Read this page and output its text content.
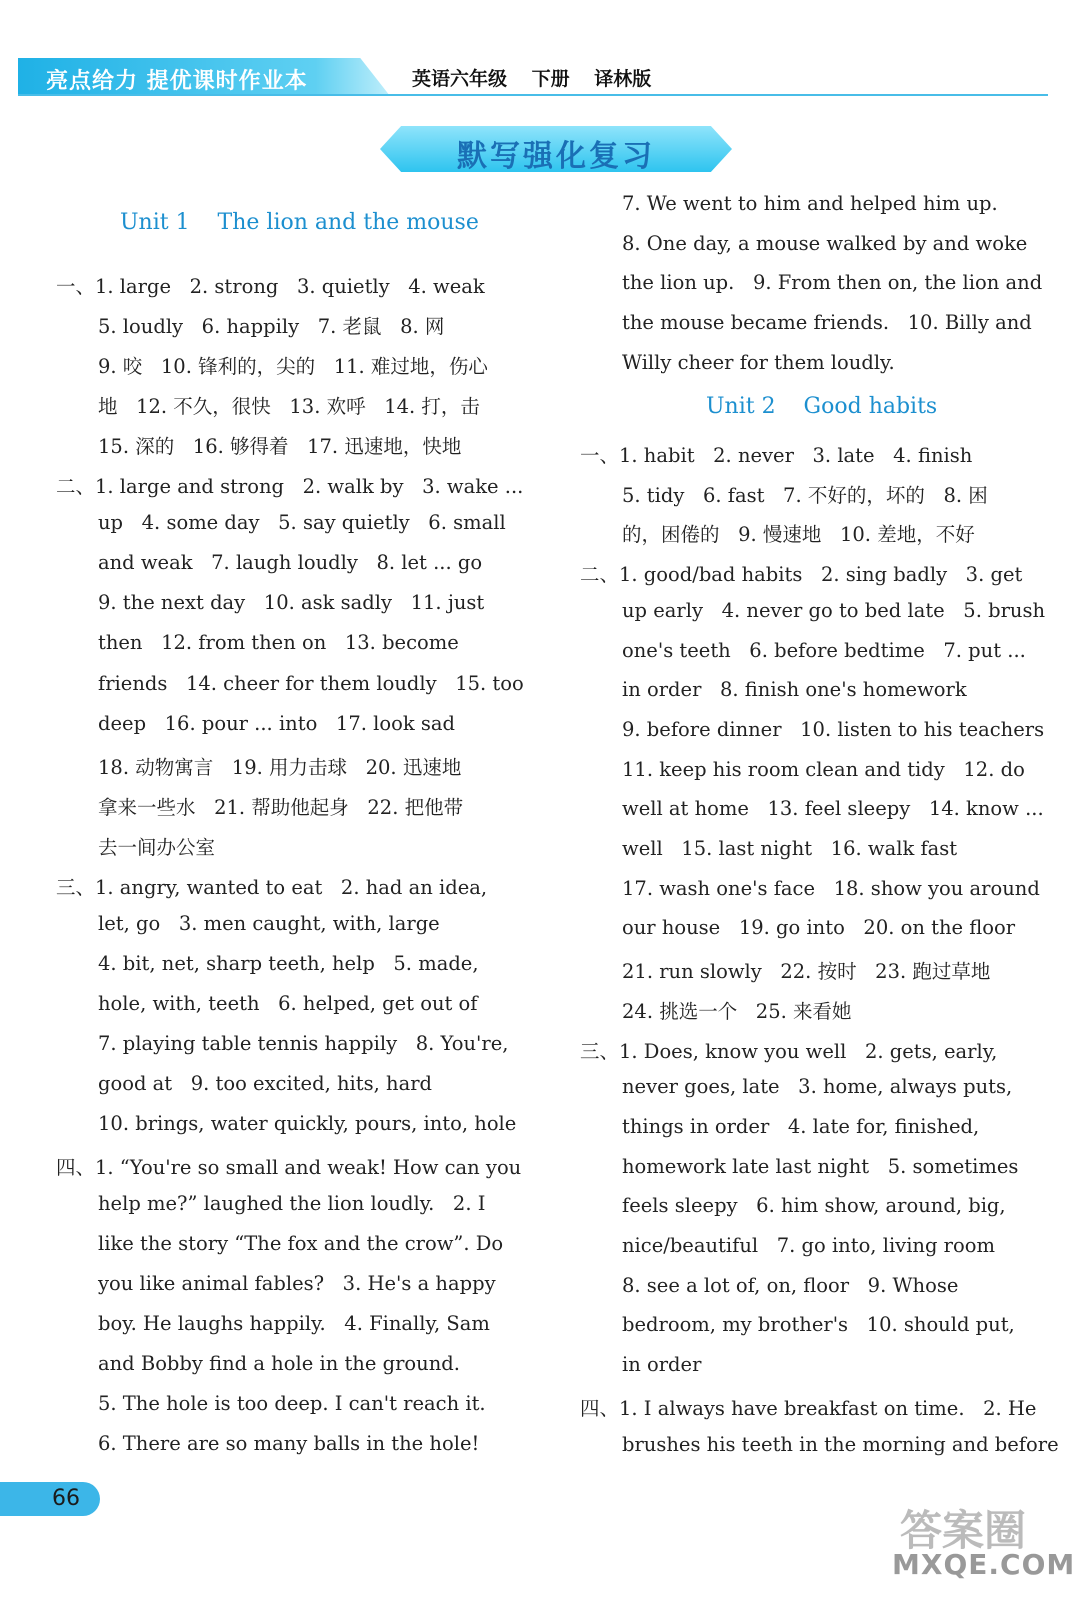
亮点给力 提优课时作业本	英语六年级 下册 译林版
默写强化复习
Unit 1    The lion and the mouse
一、1. large   2. strong   3. quietly   4. weak
5. loudly   6. happily   7. 老鼠   8. 网
9. 咬   10. 锋利的，尖的   11. 难过地，伤心
地   12. 不久，很快   13. 欢呼   14. 打，击
15. 深的   16. 够得着   17. 迅速地，快地
二、1. large and strong   2. walk by   3. wake ...
up   4. some day   5. say quietly   6. small
and weak   7. laugh loudly   8. let ... go
9. the next day   10. ask sadly   11. just
then   12. from then on   13. become
friends   14. cheer for them loudly   15. too
deep   16. pour ... into   17. look sad
18. 动物寓言   19. 用力击球   20. 迅速地
拿来一些水   21. 帮助他起身   22. 把他带
去一间办公室
三、1. angry, wanted to eat   2. had an idea,
let, go   3. men caught, with, large
4. bit, net, sharp teeth, help   5. made,
hole, with, teeth   6. helped, get out of
7. playing table tennis happily   8. You're,
good at   9. too excited, hits, hard
10. brings, water quickly, pours, into, hole
四、1. “You're so small and weak! How can you
help me?” laughed the lion loudly.   2. I
like the story “The fox and the crow”. Do
you like animal fables?   3. He's a happy
boy. He laughs happily.   4. Finally, Sam
and Bobby find a hole in the ground.
5. The hole is too deep. I can't reach it.
6. There are so many balls in the hole!
7. We went to him and helped him up.
8. One day, a mouse walked by and woke
the lion up.   9. From then on, the lion and
the mouse became friends.   10. Billy and
Willy cheer for them loudly.
Unit 2    Good habits
一、1. habit   2. never   3. late   4. finish
5. tidy   6. fast   7. 不好的，坏的   8. 困
的，困倦的   9. 慢速地   10. 差地，不好
二、1. good/bad habits   2. sing badly   3. get
up early   4. never go to bed late   5. brush
one's teeth   6. before bedtime   7. put ...
in order   8. finish one's homework
9. before dinner   10. listen to his teachers
11. keep his room clean and tidy   12. do
well at home   13. feel sleepy   14. know ...
well   15. last night   16. walk fast
17. wash one's face   18. show you around
our house   19. go into   20. on the floor
21. run slowly   22. 按时   23. 跑过草地
24. 挑选一个   25. 来看她
三、1. Does, know you well   2. gets, early,
never goes, late   3. home, always puts,
things in order   4. late for, finished,
homework late last night   5. sometimes
feels sleepy   6. him show, around, big,
nice/beautiful   7. go into, living room
8. see a lot of, on, floor   9. Whose
bedroom, my brother's   10. should put,
in order
四、1. I always have breakfast on time.   2. He
brushes his teeth in the morning and before
66
答案圈
MXQE.COM
